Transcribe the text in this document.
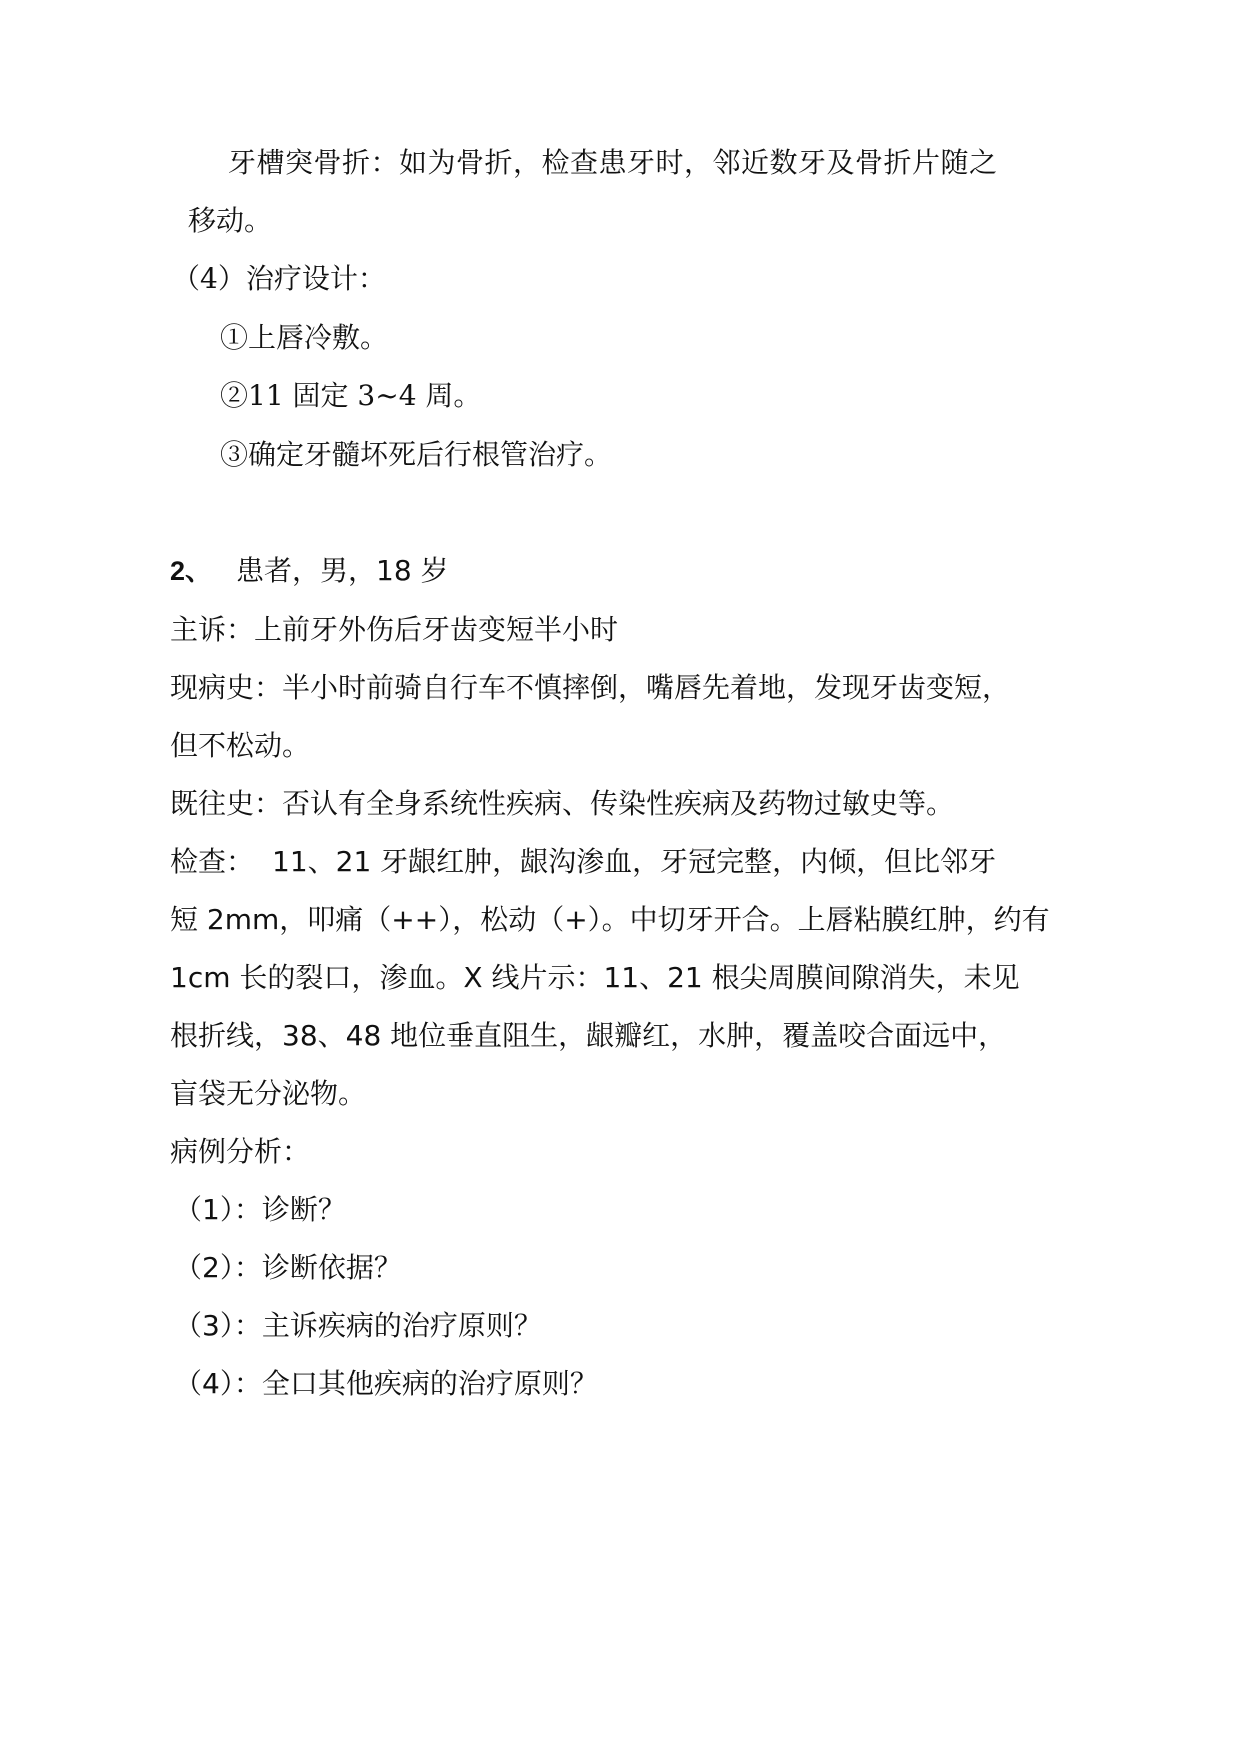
牙槽突骨折：如为骨折，检查患牙时，邻近数牙及骨折片随之
移动。
（4）治疗设计：
①上唇冷敷。
②11 固定 3~4 周。
③确定牙髓坏死后行根管治疗。
2、 患者，男，18 岁
主诉：上前牙外伤后牙齿变短半小时
现病史：半小时前骑自行车不慎摔倒，嘴唇先着地，发现牙齿变短，
但不松动。
既往史：否认有全身系统性疾病、传染性疾病及药物过敏史等。
检查： 11、21 牙龈红肿，龈沟渗血，牙冠完整，内倾，但比邻牙
短 2mm，叩痛（++），松动（+）。中切牙开合。上唇粘膜红肿，约有
1cm 长的裂口，渗血。X 线片示：11、21 根尖周膜间隙消失，未见
根折线，38、48 地位垂直阻生，龈瓣红，水肿，覆盖咬合面远中，
盲袋无分泌物。
病例分析：
（1）：诊断？
（2）：诊断依据？
（3）：主诉疾病的治疗原则？
（4）：全口其他疾病的治疗原则？
